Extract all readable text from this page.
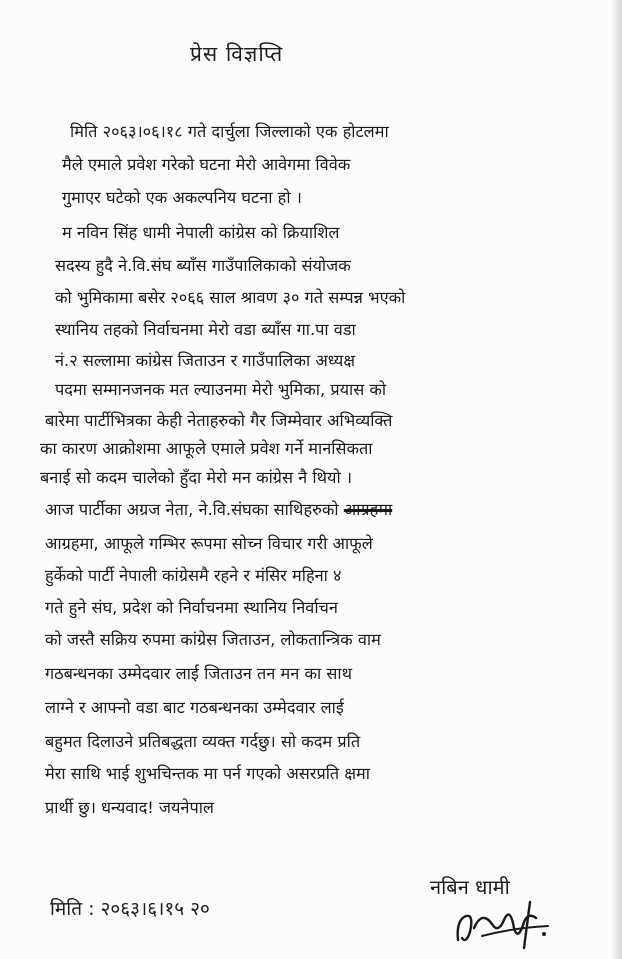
प्रेस विज्ञप्ति
मिति २०६३।०६।१८ गते दार्चुला जिल्लाको एक होटलमा
मैले एमाले प्रवेश गरेको घटना मेरो आवेगमा विवेक
गुमाएर घटेको एक अकल्पनिय घटना हो ।
म नविन सिंह धामी नेपाली कांग्रेस को क्रियाशिल
सदस्य हुदै ने.वि.संघ ब्याँस गाउँपालिकाको संयोजक
को भुमिकामा बसेर २०६६ साल श्रावण ३० गते सम्पन्न भएको
स्थानिय तहको निर्वाचनमा मेरो वडा ब्याँस गा.पा वडा
नं.२ सल्लामा कांग्रेस जिताउन र गाउँपालिका अध्यक्ष
पदमा सम्मानजनक मत ल्याउनमा मेरो भुमिका, प्रयास को
बारेमा पार्टीभित्रका केही नेताहरुको गैर जिम्मेवार अभिव्यक्ति
का कारण आक्रोशमा आफूले एमाले प्रवेश गर्ने मानसिकता
बनाई सो कदम चालेको हुँदा मेरो मन कांग्रेस नै थियो ।
आज पार्टीका अग्रज नेता, ने.वि.संघका साथिहरुको आग्रहमा
आग्रहमा, आफूले गम्भिर रूपमा सोच्न विचार गरी आफूले
हुर्केको पार्टी नेपाली कांग्रेसमै रहने र मंसिर महिना ४
गते हुने संघ, प्रदेश को निर्वाचनमा स्थानिय निर्वाचन
को जस्तै सक्रिय रुपमा कांग्रेस जिताउन, लोकतान्त्रिक वाम
गठबन्धनका उम्मेदवार लाई जिताउन तन मन का साथ
लाग्ने र आफ्नो वडा बाट गठबन्धनका उम्मेदवार लाई
बहुमत दिलाउने प्रतिबद्धता व्यक्त गर्दछु। सो कदम प्रति
मेरा साथि भाई शुभचिन्तक मा पर्न गएको असरप्रति क्षमा
प्रार्थी छु। धन्यवाद! जयनेपाल
मिति : २०६३।६।१५ २०
नबिन धामी
